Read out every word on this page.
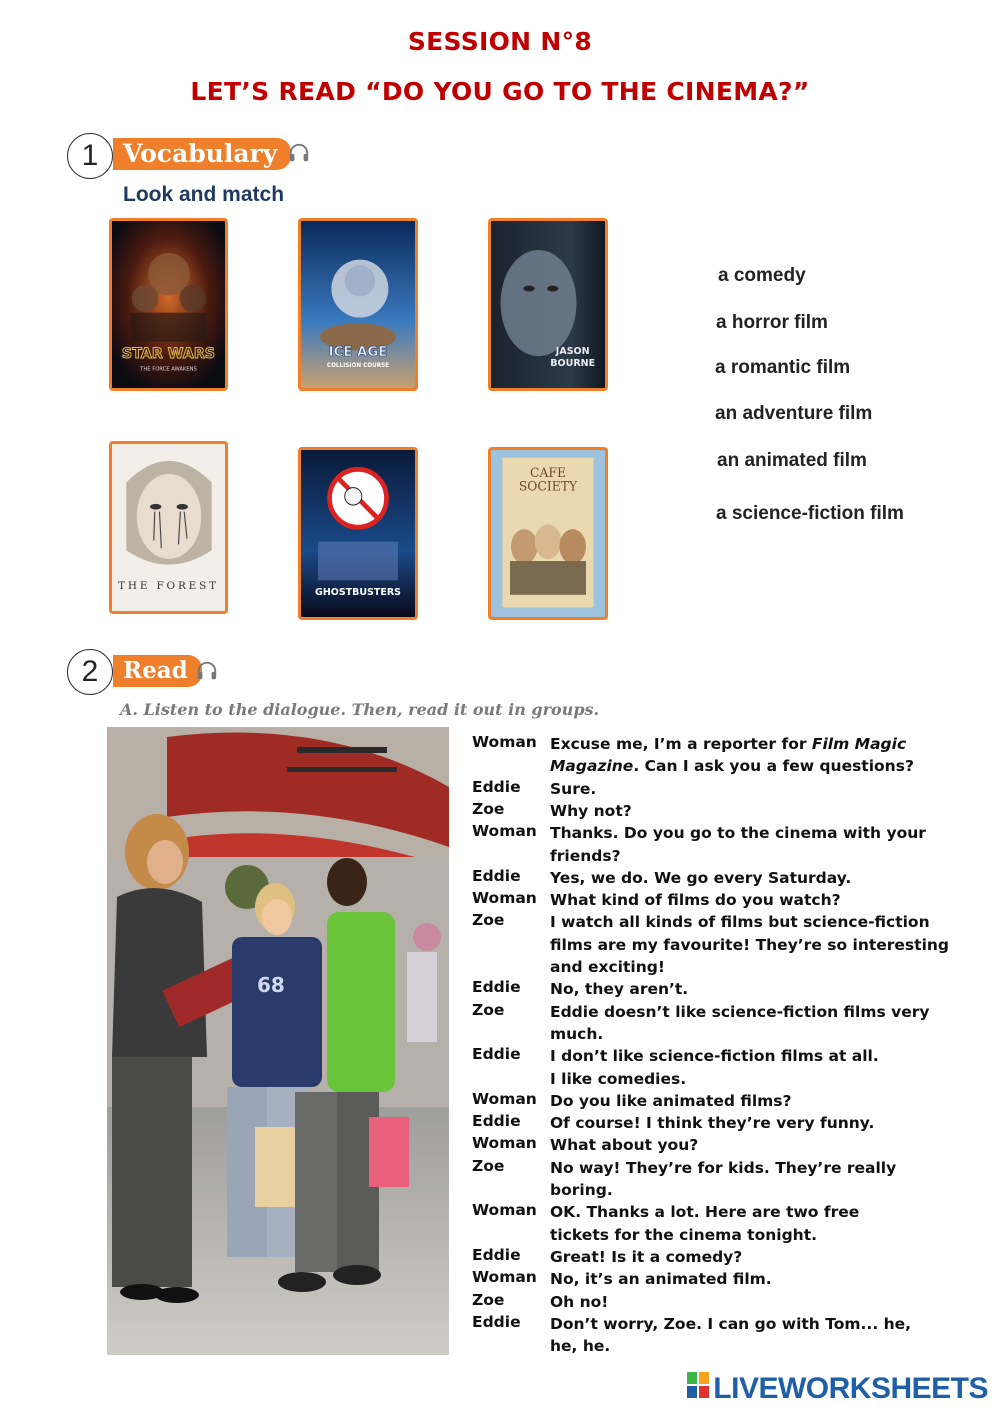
SESSION N°8
LET’S READ “DO YOU GO TO THE CINEMA?”
1 Vocabulary
Look and match
STAR WARS
THE FORCE AWAKENS
ICE AGE
COLLISION COURSE
JASON BOURNE
THE FOREST
GHOSTBUSTERS
CAFÉ SOCIETY
a comedy
a horror film
a romantic film
an adventure film
an animated film
a science-fiction film
2	Read
A. Listen to the dialogue. Then, read it out in groups.
68
Woman Excuse me, I’m a reporter for Film Magic
Magazine. Can I ask you a few questions?
Eddie Sure.
Zoe	Why not?
Woman Thanks. Do you go to the cinema with your
friends?
Eddie Yes, we do. We go every Saturday.
Woman What kind of films do you watch?
Zoe	I watch all kinds of films but science-fiction
films are my favourite! They’re so interesting
and exciting!
Eddie No, they aren’t.
Zoe	Eddie doesn’t like science-fiction films very
much.
Eddie I don’t like science-fiction films at all.
I like comedies.
Woman Do you like animated films?
Eddie Of course! I think they’re very funny.
Woman What about you?
Zoe	No way! They’re for kids. They’re really
boring.
Woman OK. Thanks a lot. Here are two free
tickets for the cinema tonight.
Eddie Great! Is it a comedy?
Woman No, it’s an animated film.
Zoe	Oh no!
Eddie Don’t worry, Zoe. I can go with Tom... he,
he, he.
LIVEWORKSHEETS
